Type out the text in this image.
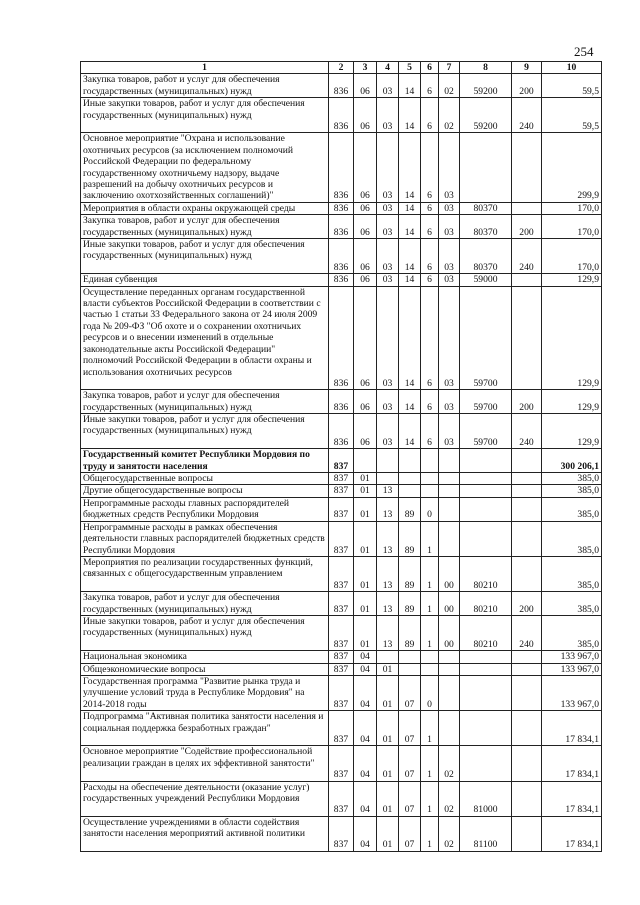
254
1	2	3	4	5	6	7	8	9	10
Закупка товаров, работ и услуг для обеспечения государственных (муниципальных) нужд	836	06	03	14	6	02	59200	200	59,5
Иные закупки товаров, работ и услуг для обеспечения государственных (муниципальных) нужд	836	06	03	14	6	02	59200	240	59,5
Основное мероприятие "Охрана и использование охотничьих ресурсов (за исключением полномочий Российской Федерации по федеральному государственному охотничьему надзору, выдаче разрешений на добычу охотничьих ресурсов и заключению охотхозяйственных соглашений)"	836	06	03	14	6	03			299,9
Мероприятия в области охраны окружающей среды	836	06	03	14	6	03	80370		170,0
Закупка товаров, работ и услуг для обеспечения государственных (муниципальных) нужд	836	06	03	14	6	03	80370	200	170,0
Иные закупки товаров, работ и услуг для обеспечения государственных (муниципальных) нужд	836	06	03	14	6	03	80370	240	170,0
Единая субвенция	836	06	03	14	6	03	59000		129,9
Осуществление переданных органам государственной власти субъектов Российской Федерации в соответствии с частью 1 статьи 33 Федерального закона от 24 июля 2009 года № 209-ФЗ "Об охоте и о сохранении охотничьих ресурсов и о внесении изменений в отдельные законодательные акты Российской Федерации" полномочий Российской Федерации в области охраны и использования охотничьих ресурсов	836	06	03	14	6	03	59700		129,9
Закупка товаров, работ и услуг для обеспечения государственных (муниципальных) нужд	836	06	03	14	6	03	59700	200	129,9
Иные закупки товаров, работ и услуг для обеспечения государственных (муниципальных) нужд	836	06	03	14	6	03	59700	240	129,9
Государственный комитет Республики Мордовия по труду и занятости населения	837								300 206,1
Общегосударственные вопросы	837	01							385,0
Другие общегосударственные вопросы	837	01	13						385,0
Непрограммные расходы главных распорядителей бюджетных средств Республики Мордовия	837	01	13	89	0				385,0
Непрограммные расходы в рамках обеспечения деятельности главных распорядителей бюджетных средств Республики Мордовия	837	01	13	89	1				385,0
Мероприятия по реализации государственных функций, связанных с общегосударственным управлением	837	01	13	89	1	00	80210		385,0
Закупка товаров, работ и услуг для обеспечения государственных (муниципальных) нужд	837	01	13	89	1	00	80210	200	385,0
Иные закупки товаров, работ и услуг для обеспечения государственных (муниципальных) нужд	837	01	13	89	1	00	80210	240	385,0
Национальная экономика	837	04							133 967,0
Общеэкономические вопросы	837	04	01						133 967,0
Государственная программа "Развитие рынка труда и улучшение условий труда в Республике Мордовия" на 2014-2018 годы	837	04	01	07	0				133 967,0
Подпрограмма "Активная политика занятости населения и социальная поддержка безработных граждан"	837	04	01	07	1				17 834,1
Основное мероприятие "Содействие профессиональной реализации граждан в целях их эффективной занятости"	837	04	01	07	1	02			17 834,1
Расходы на обеспечение деятельности (оказание услуг) государственных учреждений Республики Мордовия	837	04	01	07	1	02	81000		17 834,1
Осуществление учреждениями в области содействия занятости населения мероприятий активной политики	837	04	01	07	1	02	81100		17 834,1
